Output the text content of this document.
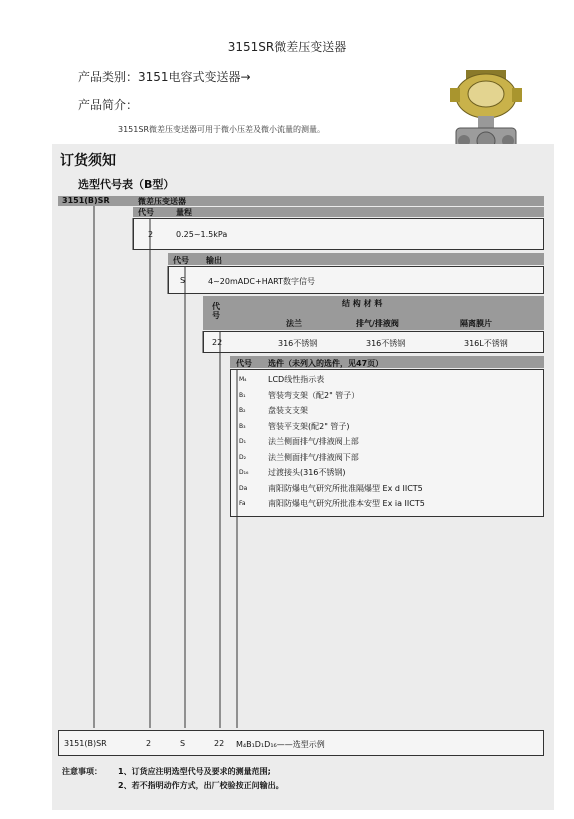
3151SR微差压变送器
产品类别：3151电容式变送器→
产品简介：
3151SR微差压变送器可用于微小压差及微小流量的测量。
订货须知
选型代号表（B型）
3151(B)SR	微差压变送器
代号	量程
2	0.25~1.5kPa
代号 输出
S	4~20mADC+HART数字信号
代号
结 构 材 料
法兰	排气/排液阀	隔离膜片
22	316不锈钢	316不锈钢	316L不锈钢
代号 选件（未列入的选件，见47页）
M₄	LCD线性指示表
B₁	管装弯支架（配2" 管子）
B₂	盘装支支架
B₃	管装平支架(配2" 管子)
D₁	法兰侧面排气/排液阀上部
D₂	法兰侧面排气/排液阀下部
D₁₆ 过渡接头(316不锈钢)
Da	南阳防爆电气研究所批准隔爆型 Ex d IICT5
Fa	南阳防爆电气研究所批准本安型 Ex ia IICT5
3151(B)SR	2	S	22 M₄B₁D₁D₁₆——选型示例
注意事项： 1、订货应注明选型代号及要求的测量范围;
2、若不指明动作方式，出厂校验按正问输出。
